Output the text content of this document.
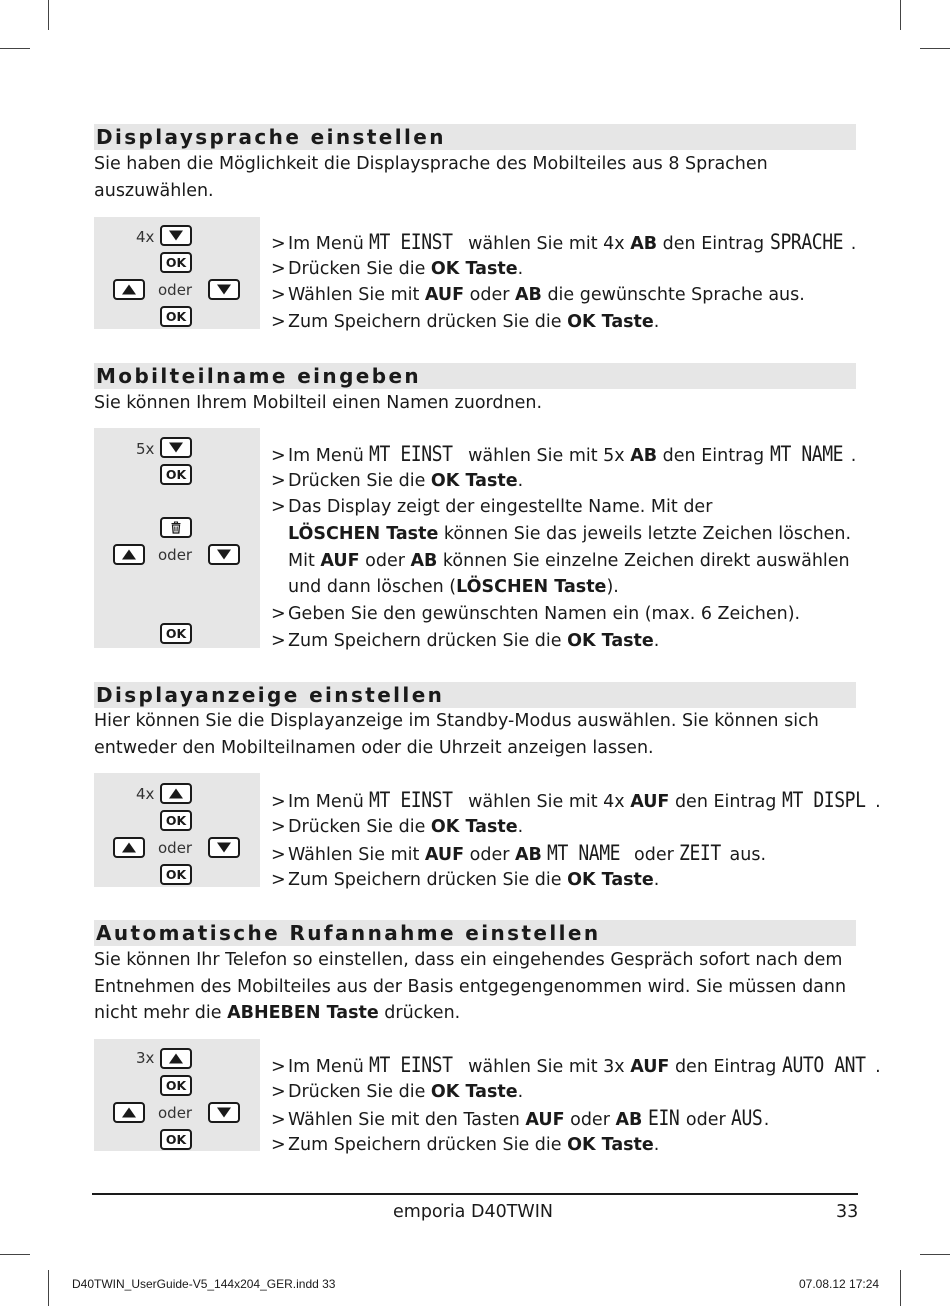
Displaysprache einstellen
Sie haben die Möglichkeit die Displaysprache des Mobilteiles aus 8 Sprachen
auszuwählen.
4x
OK
oder
OK
> Im Menü MT EINST wählen Sie mit 4x AB den Eintrag SPRACHE .
> Drücken Sie die OK Taste.
> Wählen Sie mit AUF oder AB die gewünschte Sprache aus.
> Zum Speichern drücken Sie die OK Taste.
Mobilteilname eingeben
Sie können Ihrem Mobilteil einen Namen zuordnen.
5x
OK
oder
OK
> Im Menü MT EINST wählen Sie mit 5x AB den Eintrag MT NAME .
> Drücken Sie die OK Taste.
> Das Display zeigt der eingestellte Name. Mit der
LÖSCHEN Taste können Sie das jeweils letzte Zeichen löschen.
Mit AUF oder AB können Sie einzelne Zeichen direkt auswählen
und dann löschen (LÖSCHEN Taste).
> Geben Sie den gewünschten Namen ein (max. 6 Zeichen).
> Zum Speichern drücken Sie die OK Taste.
Displayanzeige einstellen
Hier können Sie die Displayanzeige im Standby-Modus auswählen. Sie können sich
entweder den Mobilteilnamen oder die Uhrzeit anzeigen lassen.
4x
OK
oder
OK
> Im Menü MT EINST wählen Sie mit 4x AUF den Eintrag MT DISPL .
> Drücken Sie die OK Taste.
> Wählen Sie mit AUF oder AB MT NAME oder ZEIT aus.
> Zum Speichern drücken Sie die OK Taste.
Automatische Rufannahme einstellen
Sie können Ihr Telefon so einstellen, dass ein eingehendes Gespräch sofort nach dem
Entnehmen des Mobilteiles aus der Basis entgegengenommen wird. Sie müssen dann
nicht mehr die ABHEBEN Taste drücken.
3x
OK
oder
OK
> Im Menü MT EINST wählen Sie mit 3x AUF den Eintrag AUTO ANT .
> Drücken Sie die OK Taste.
> Wählen Sie mit den Tasten AUF oder AB EIN oder AUS.
> Zum Speichern drücken Sie die OK Taste.
emporia D40TWIN	33
D40TWIN_UserGuide-V5_144x204_GER.indd 33	07.08.12 17:24
